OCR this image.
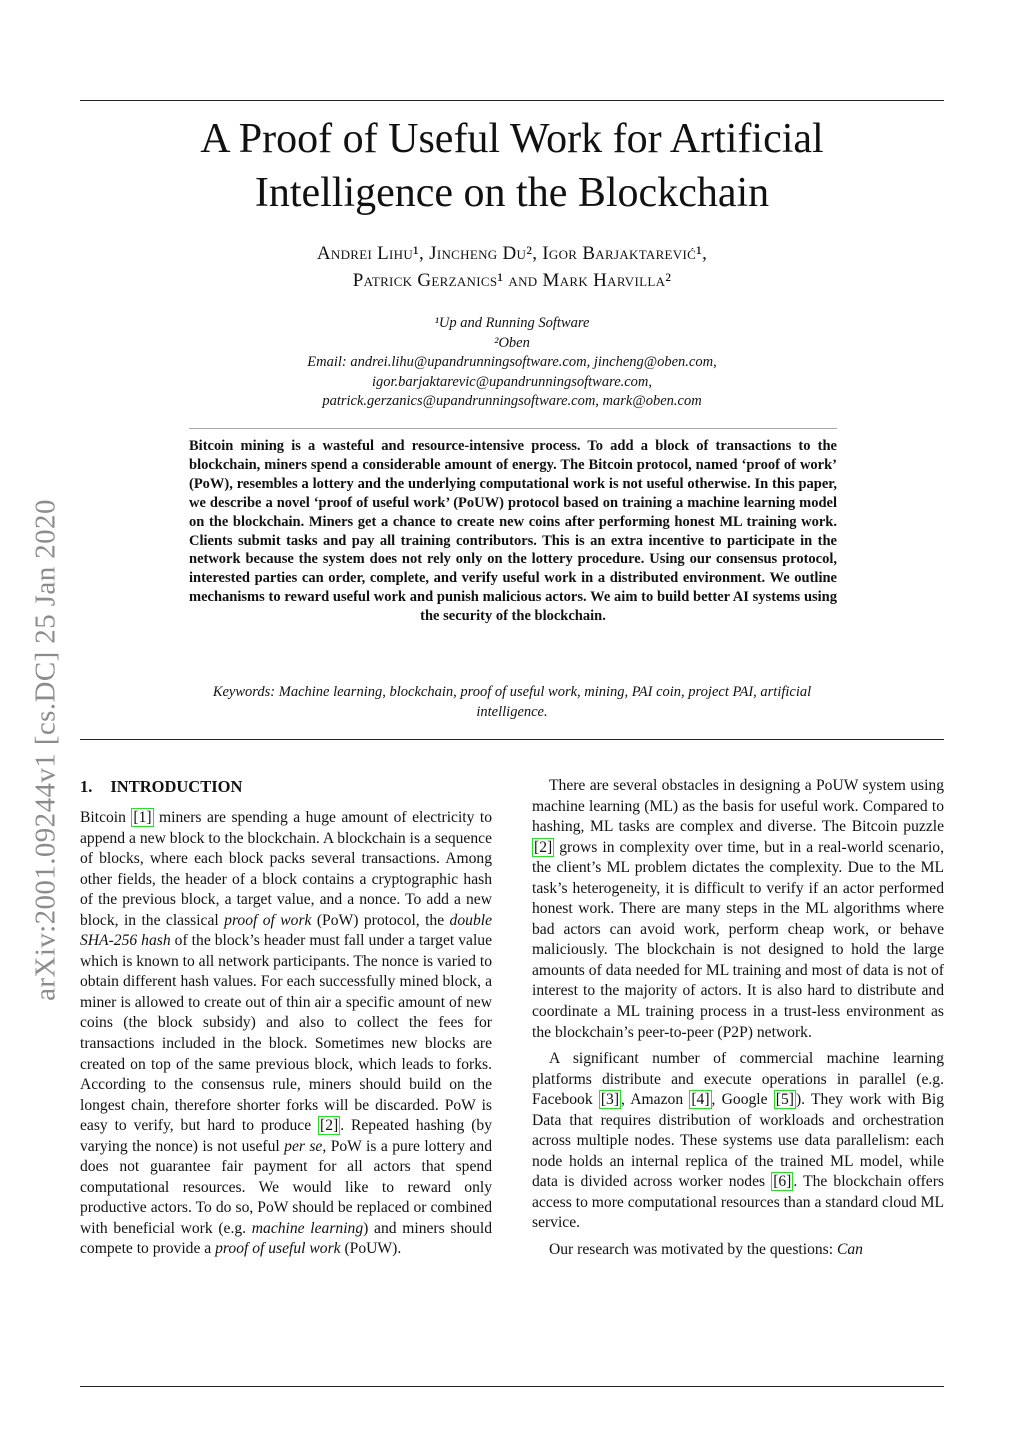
arXiv:2001.09244v1 [cs.DC] 25 Jan 2020
A Proof of Useful Work for Artificial
Intelligence on the Blockchain
Andrei Lihu¹, Jincheng Du², Igor Barjaktarević¹,
Patrick Gerzanics¹ and Mark Harvilla²
¹Up and Running Software
²Oben
Email: andrei.lihu@upandrunningsoftware.com, jincheng@oben.com,
igor.barjaktarevic@upandrunningsoftware.com,
patrick.gerzanics@upandrunningsoftware.com, mark@oben.com

Bitcoin mining is a wasteful and resource-intensive process. To add a block of transactions to the blockchain, miners spend a considerable amount of energy. The Bitcoin protocol, named ‘proof of work’ (PoW), resembles a lottery and the underlying computational work is not useful otherwise. In this paper, we describe a novel ‘proof of useful work’ (PoUW) protocol based on training a machine learning model on the blockchain. Miners get a chance to create new coins after performing honest ML training work. Clients submit tasks and pay all training contributors. This is an extra incentive to participate in the network because the system does not rely only on the lottery procedure. Using our consensus protocol, interested parties can order, complete, and verify useful work in a distributed environment. We outline mechanisms to reward useful work and punish malicious actors. We aim to build better AI systems using the security of the blockchain.

Keywords: Machine learning, blockchain, proof of useful work, mining, PAI coin, project PAI, artificial intelligence.
1. INTRODUCTION

Bitcoin [1] miners are spending a huge amount of electricity to append a new block to the blockchain. A blockchain is a sequence of blocks, where each block packs several transactions. Among other fields, the header of a block contains a cryptographic hash of the previous block, a target value, and a nonce. To add a new block, in the classical proof of work (PoW) protocol, the double SHA-256 hash of the block’s header must fall under a target value which is known to all network participants. The nonce is varied to obtain different hash values. For each successfully mined block, a miner is allowed to create out of thin air a specific amount of new coins (the block subsidy) and also to collect the fees for transactions included in the block. Sometimes new blocks are created on top of the same previous block, which leads to forks. According to the consensus rule, miners should build on the longest chain, therefore shorter forks will be discarded. PoW is easy to verify, but hard to produce [2] . Repeated hashing (by varying the nonce) is not useful per se, PoW is a pure lottery and does not guarantee fair payment for all actors that spend computational resources. We would like to reward only productive actors. To do so, PoW should be replaced or combined with beneficial work (e.g. machine learning) and miners should compete to provide a proof of useful work (PoUW).

There are several obstacles in designing a PoUW system using machine learning (ML) as the basis for useful work. Compared to hashing, ML tasks are complex and diverse. The Bitcoin puzzle [2] grows in complexity over time, but in a real-world scenario, the client’s ML problem dictates the complexity. Due to the ML task’s heterogeneity, it is difficult to verify if an actor performed honest work. There are many steps in the ML algorithms where bad actors can avoid work, perform cheap work, or behave maliciously. The blockchain is not designed to hold the large amounts of data needed for ML training and most of data is not of interest to the majority of actors. It is also hard to distribute and coordinate a ML training process in a trust-less environment as the blockchain’s peer-to-peer (P2P) network.

A significant number of commercial machine learning platforms distribute and execute operations in parallel (e.g. Facebook [3] , Amazon [4] , Google [5] ). They work with Big Data that requires distribution of workloads and orchestration across multiple nodes. These systems use data parallelism: each node holds an internal replica of the trained ML model, while data is divided across worker nodes [6] . The blockchain offers access to more computational resources than a standard cloud ML service.

Our research was motivated by the questions: Can
